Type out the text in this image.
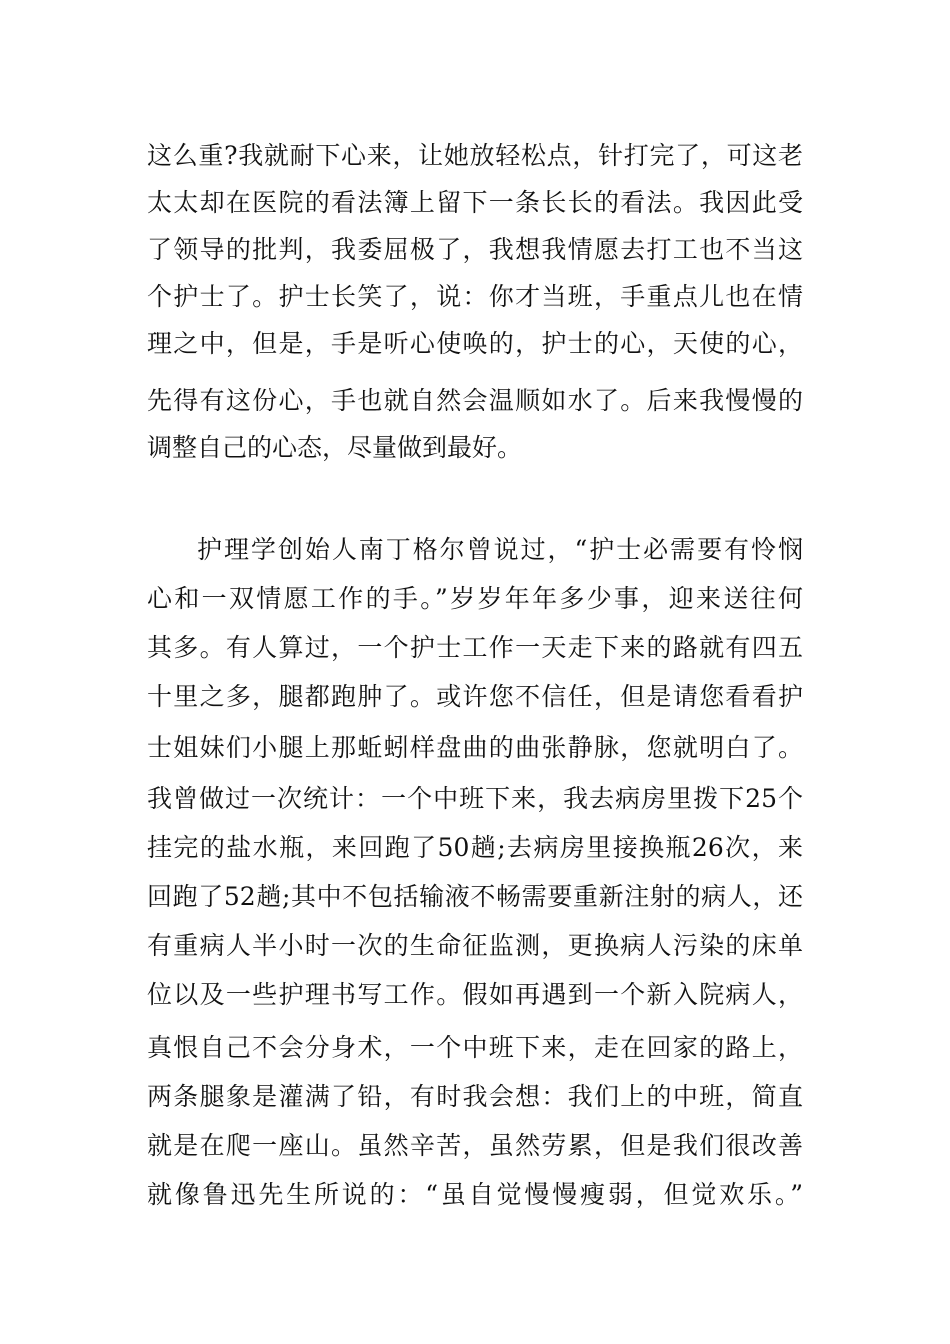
这么重?我就耐下心来，让她放轻松点，针打完了，可这老
太太却在医院的看法簿上留下一条长长的看法。我因此受
了领导的批判，我委屈极了，我想我情愿去打工也不当这
个护士了。护士长笑了，说：你才当班，手重点儿也在情
理之中，但是，手是听心使唤的，护士的心，天使的心，
先得有这份心，手也就自然会温顺如水了。后来我慢慢的
调整自己的心态，尽量做到最好。
护理学创始人南丁格尔曾说过，“护士必需要有怜悯
心和一双情愿工作的手。”岁岁年年多少事，迎来送往何
其多。有人算过，一个护士工作一天走下来的路就有四五
十里之多，腿都跑肿了。或许您不信任，但是请您看看护
士姐妹们小腿上那蚯蚓样盘曲的曲张静脉，您就明白了。
我曾做过一次统计：一个中班下来，我去病房里拨下25个
挂完的盐水瓶，来回跑了50趟;去病房里接换瓶26次，来
回跑了52趟;其中不包括输液不畅需要重新注射的病人，还
有重病人半小时一次的生命征监测，更换病人污染的床单
位以及一些护理书写工作。假如再遇到一个新入院病人，
真恨自己不会分身术，一个中班下来，走在回家的路上，
两条腿象是灌满了铅，有时我会想：我们上的中班，简直
就是在爬一座山。虽然辛苦，虽然劳累，但是我们很改善
就像鲁迅先生所说的：“虽自觉慢慢瘦弱，但觉欢乐。”
